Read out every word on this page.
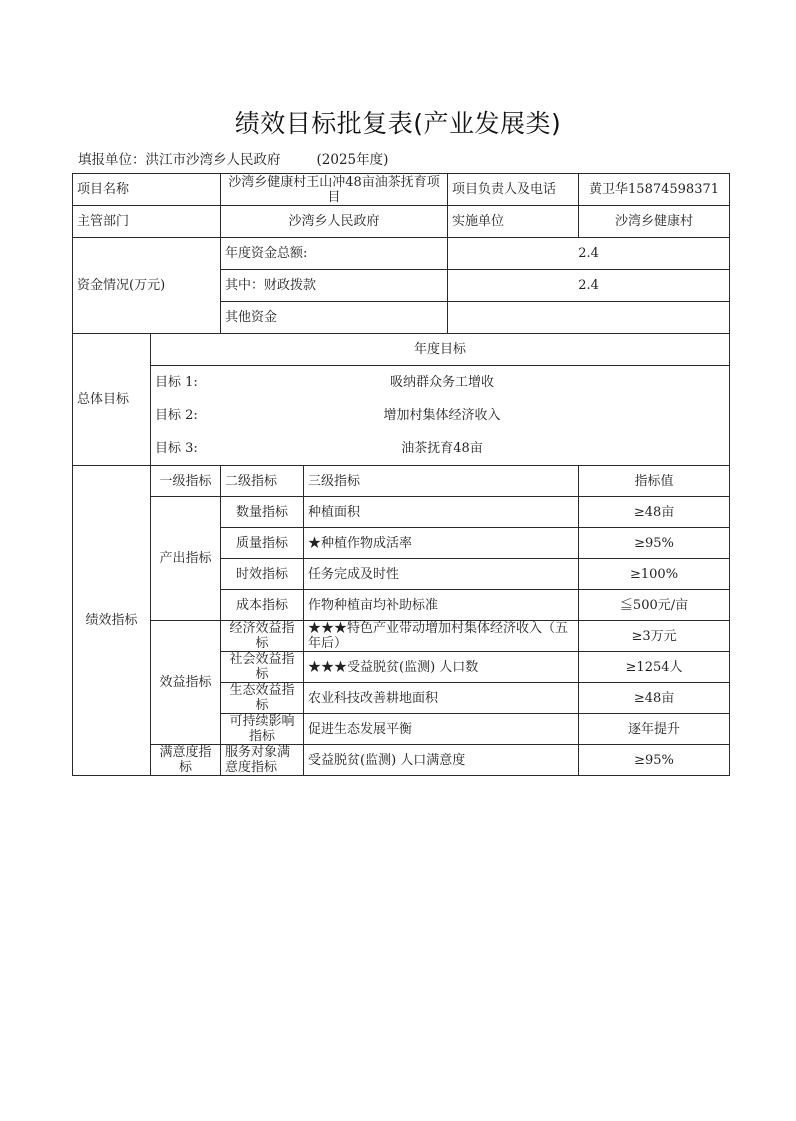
绩效目标批复表(产业发展类)
填报单位：洪江市沙湾乡人民政府	(2025年度)
项目名称		沙湾乡健康村王山冲48亩油茶抚育项目		项目负责人及电话	黄卫华15874598371
主管部门		沙湾乡人民政府		实施单位	沙湾乡健康村
资金情况(万元)		年度资金总额:		2.4	
		其中：财政拨款		2.4	
		其他资金			
总体目标	年度目标				

	目标 1: 吸纳群众务工增收				

	目标 2: 增加村集体经济收入				

	目标 3: 油茶抚育48亩				

绩效指标	一级指标	二级指标	三级指标		指标值
	产出指标	数量指标	种植面积		≥48亩
		质量指标	★种植作物成活率		≥95%
		时效指标	任务完成及时性		≥100%
		成本指标	作物种植亩均补助标准		≦500元/亩
	效益指标	经济效益指标	★★★特色产业带动增加村集体经济收入（五年后）		≥3万元
		社会效益指标	★★★受益脱贫(监测) 人口数		≥1254人
		生态效益指标	农业科技改善耕地面积		≥48亩
		可持续影响指标	促进生态发展平衡		逐年提升
	满意度指标	服务对象满意度指标	受益脱贫(监测) 人口满意度		≥95%
